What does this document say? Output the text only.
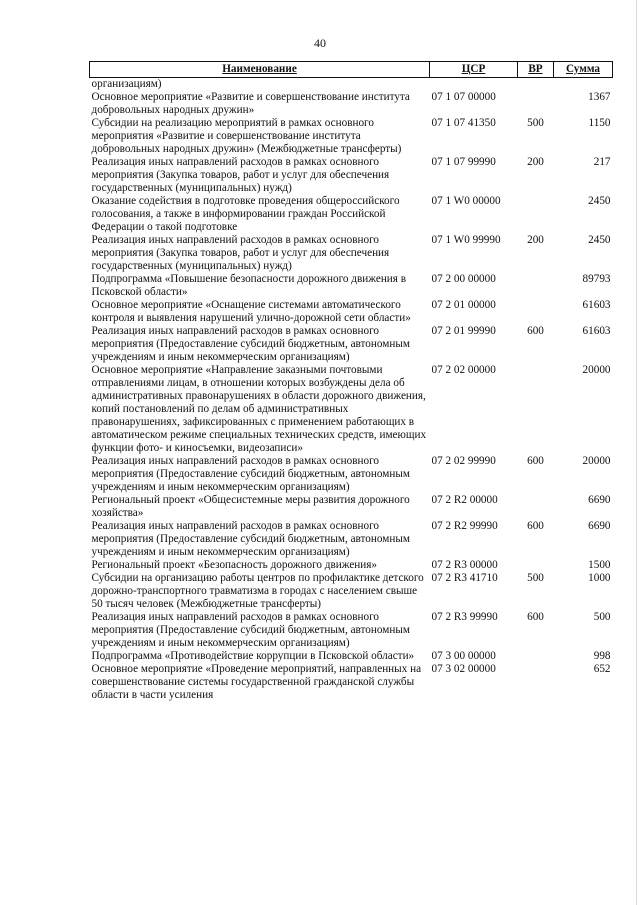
40
Наименование	ЦСР	ВР	Сумма
организациям)			
Основное мероприятие «Развитие и совершенствование института добровольных народных дружин»	07 1 07 00000		1367
Субсидии на реализацию мероприятий в рамках основного мероприятия «Развитие и совершенствование института добровольных народных дружин» (Межбюджетные трансферты)	07 1 07 41350	500	1150
Реализация иных направлений расходов в рамках основного мероприятия (Закупка товаров, работ и услуг для обеспечения государственных (муниципальных) нужд)	07 1 07 99990	200	217
Оказание содействия в подготовке проведения общероссийского голосования, а также в информировании граждан Российской Федерации о такой подготовке	07 1 W0 00000		2450
Реализация иных направлений расходов в рамках основного мероприятия (Закупка товаров, работ и услуг для обеспечения государственных (муниципальных) нужд)	07 1 W0 99990	200	2450
Подпрограмма «Повышение безопасности дорожного движения в Псковской области»	07 2 00 00000		89793
Основное мероприятие «Оснащение системами автоматического контроля и выявления нарушений улично-дорожной сети области»	07 2 01 00000		61603
Реализация иных направлений расходов в рамках основного мероприятия (Предоставление субсидий бюджетным, автономным учреждениям и иным некоммерческим организациям)	07 2 01 99990	600	61603
Основное мероприятие «Направление заказными почтовыми отправлениями лицам, в отношении которых возбуждены дела об административных правонарушениях в области дорожного движения, копий постановлений по делам об административных правонарушениях, зафиксированных с применением работающих в автоматическом режиме специальных технических средств, имеющих функции фото- и киносъемки, видеозаписи»	07 2 02 00000		20000
Реализация иных направлений расходов в рамках основного мероприятия (Предоставление субсидий бюджетным, автономным учреждениям и иным некоммерческим организациям)	07 2 02 99990	600	20000
Региональный проект «Общесистемные меры развития дорожного хозяйства»	07 2 R2 00000		6690
Реализация иных направлений расходов в рамках основного мероприятия (Предоставление субсидий бюджетным, автономным учреждениям и иным некоммерческим организациям)	07 2 R2 99990	600	6690
Региональный проект «Безопасность дорожного движения»	07 2 R3 00000		1500
Субсидии на организацию работы центров по профилактике детского дорожно-транспортного травматизма в городах с населением свыше 50 тысяч человек (Межбюджетные трансферты)	07 2 R3 41710	500	1000
Реализация иных направлений расходов в рамках основного мероприятия (Предоставление субсидий бюджетным, автономным учреждениям и иным некоммерческим организациям)	07 2 R3 99990	600	500
Подпрограмма «Противодействие коррупции в Псковской области»	07 3 00 00000		998
Основное мероприятие «Проведение мероприятий, направленных на совершенствование системы государственной гражданской службы области в части усиления	07 3 02 00000		652
